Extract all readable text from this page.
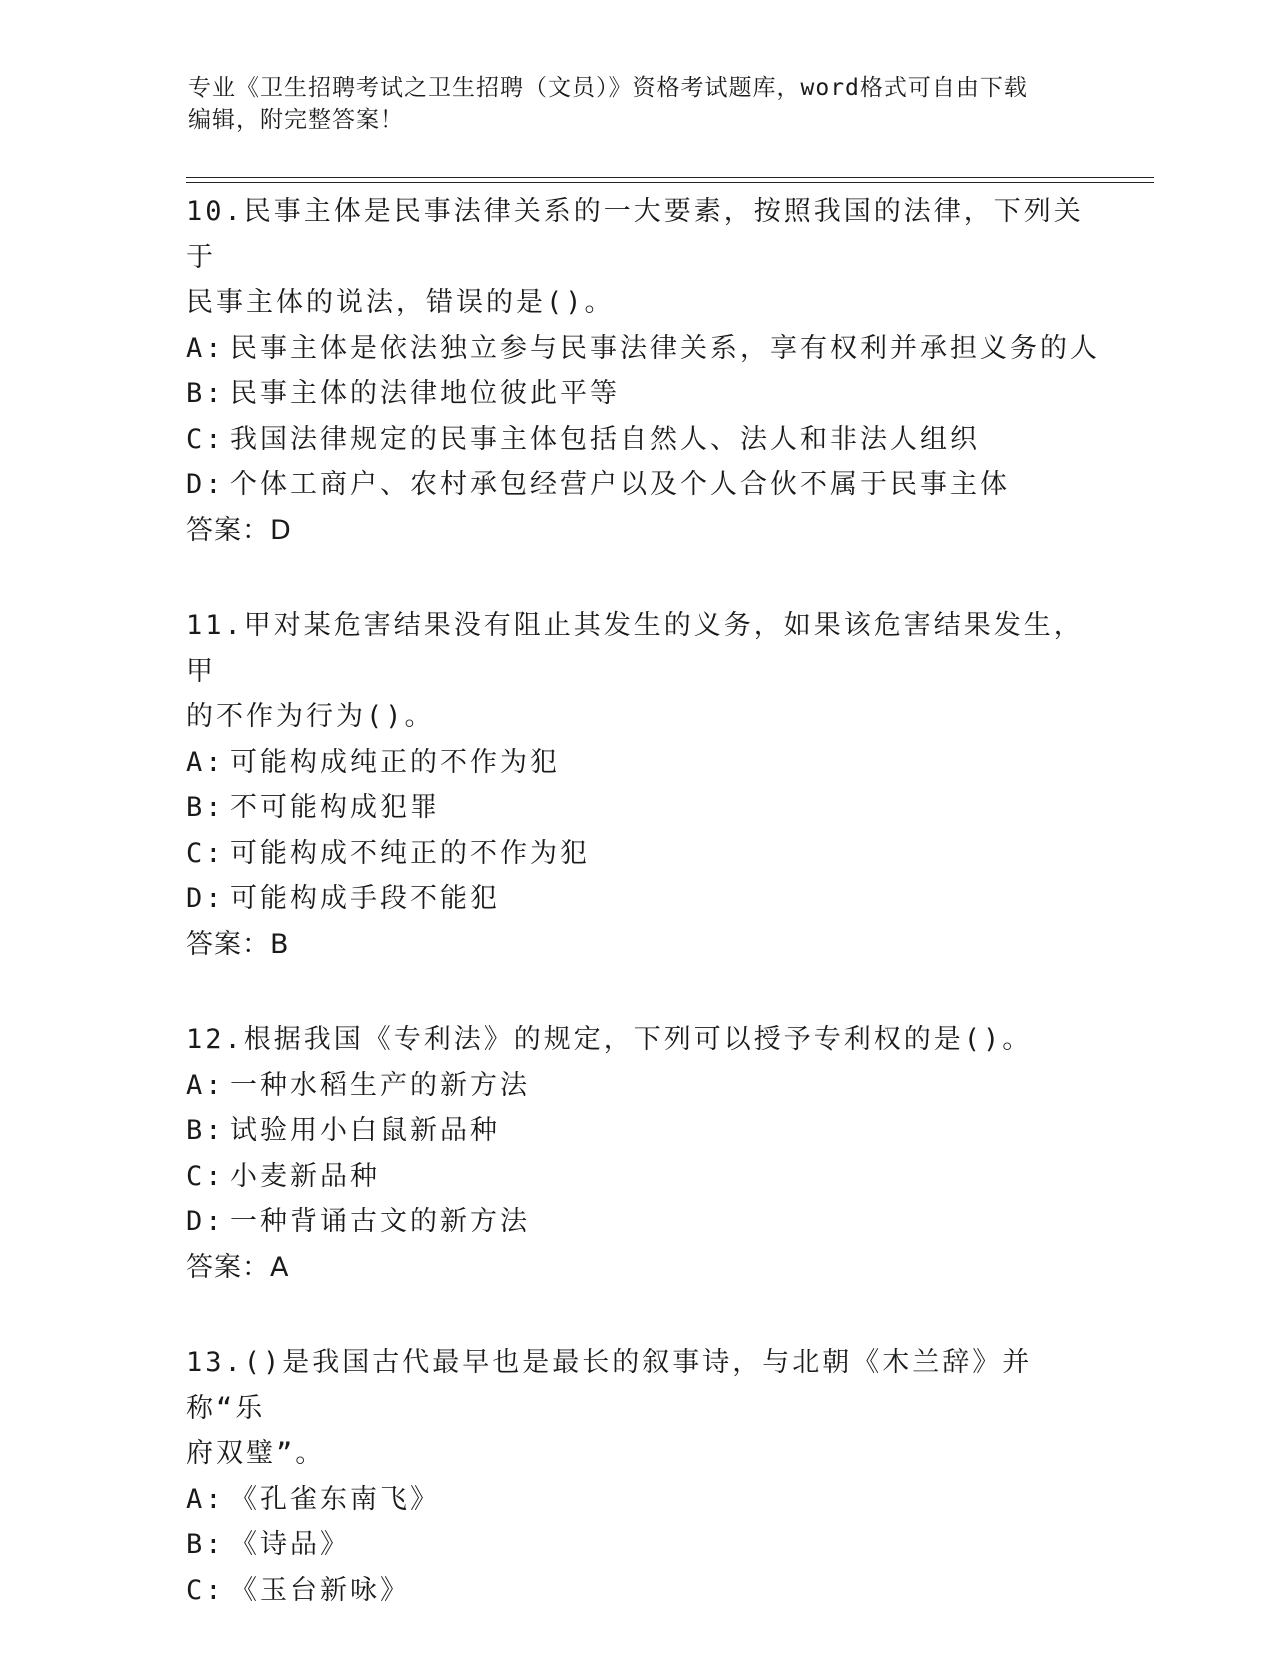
专业《卫生招聘考试之卫生招聘（文员）》资格考试题库，word格式可自由下载
编辑，附完整答案！
10.民事主体是民事法律关系的一大要素，按照我国的法律，下列关于
民事主体的说法，错误的是()。
A: 民事主体是依法独立参与民事法律关系，享有权利并承担义务的人
B: 民事主体的法律地位彼此平等
C: 我国法律规定的民事主体包括自然人、法人和非法人组织
D: 个体工商户、农村承包经营户以及个人合伙不属于民事主体
答案：D
11.甲对某危害结果没有阻止其发生的义务，如果该危害结果发生，甲
的不作为行为()。
A: 可能构成纯正的不作为犯
B: 不可能构成犯罪
C: 可能构成不纯正的不作为犯
D: 可能构成手段不能犯
答案：B
12.根据我国《专利法》的规定，下列可以授予专利权的是()。
A: 一种水稻生产的新方法
B: 试验用小白鼠新品种
C: 小麦新品种
D: 一种背诵古文的新方法
答案：A
13.()是我国古代最早也是最长的叙事诗，与北朝《木兰辞》并称“乐
府双璧”。
A: 《孔雀东南飞》
B: 《诗品》
C: 《玉台新咏》
